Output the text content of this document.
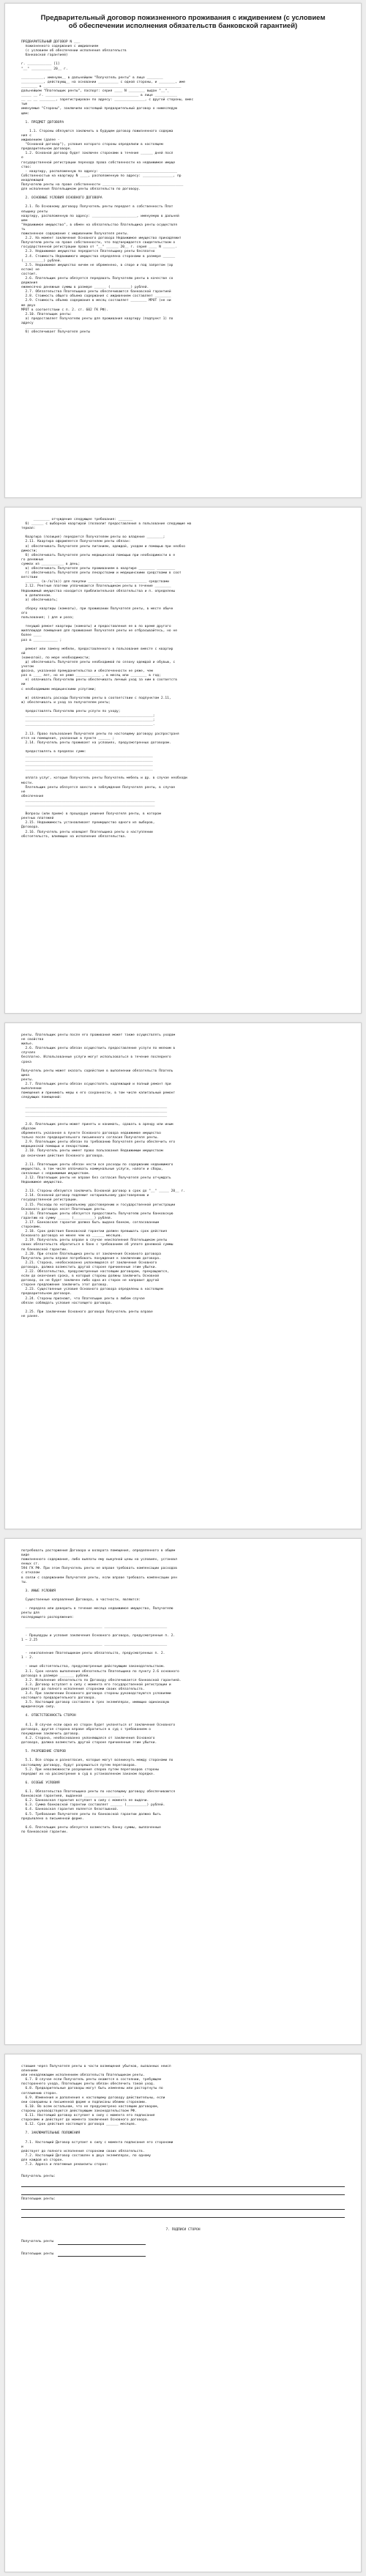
Предварительный договор пожизненного проживания с иждивением (с условием об обеспечении исполнения обязательств банковской гарантией)
ПРЕДВАРИТЕЛЬНЫЙ ДОГОВОР N ___
пожизненного содержания с иждивением
(с условием об обеспечении исполнения обязательств
банковской гарантией)
г. ____________ [1]
"__" __________ 20__ г.
___________, именуем__ в дальнейшем "Получатель ренты" в лице ________
___________, действующ__ на основании __________ с одной стороны, и ________, име
________ в ____________________________________________________________________
дальнейшем "Плательщик ренты", паспорт: серия ____ N ________ выдан "__"_
_____ __ г. ______________________________________________ в лице ___________
__ __ __ ________, зарегистрирован по адресу: _______________, с другой стороны, вмес
тые
именуемые "Стороны", заключили настоящий предварительный договор о нижеследую
щем:
1. ПРЕДМЕТ ДОГОВОРА
1.1. Стороны обязуются заключить в будущем договор пожизненного содержа
ния с
иждивением (далее -
"Основной договор"), условия которого стороны определили в настоящем
предварительном договоре.
1.2. Основной договор будет заключен сторонами в течение ______ дней посл
е
государственной регистрации перехода права собственности на недвижимое имуще
ство:
- квартиру, расположенную по адресу: ______________________________________
Собственностью на квартиру N ____, расположенную по адресу: _______________, пр
инадлежащей
Получателю ренты на праве собственности ________________________________________
для исполнения Плательщиком ренты обязательств по договору.
2. ОСНОВНЫЕ УСЛОВИЯ ОСНОВНОГО ДОГОВОРА
2.1. По Основному договору Получатель ренты передает в собственность Плат
ельщику ренты
квартиру, расположенную по адресу: ______________________, именуемую в дальней
шем
"Недвижимое имущество", в обмен на обязательство Плательщика ренты осуществля
ть
пожизненное содержание с иждивением Получателя ренты.
2.2. На момент заключения Основного договора Недвижимое имущество принадлежит
Получателю ренты на праве собственности, что подтверждается свидетельством о
государственной регистрации права от "__" ______ 20__ г. серия ____ N ______.
2.3. Недвижимое имущество передается Плательщику ренты бесплатно
2.4. Стоимость Недвижимого имущества определена сторонами в размере ______
(__________) рублей.
2.5. Недвижимое имущество ничем не обременено, в споре и под запретом (ар
естом) не
состоит.
2.6. Плательщик ренты обязуется передавать Получателю ренты в качестве со
держания
ежемесячно денежные суммы в размере ______ (__________) рублей.
2.7. Обязательства Плательщика ренты обеспечиваются банковской гарантией
2.8. Стоимость общего объема содержания с иждивением составляет ________
2.9. Стоимость объема содержания в месяц составляет ________ МРОТ (не ни
же двух
МРОТ в соответствии с п. 2. ст. 602 ГК РФ).
2.10. Плательщик ренты:
а) предоставляет Получателю ренты для проживания квартиру (подпункт 1) по
адресу
__________________
б) обеспечивает Получателя ренты
________ отчуждение следующее требования: _______
б) ______ с выборной квартирой (позволит предоставления в пользование следующие ма
териал:
Квартира (позиция) передается Получателем ренты во владение ________;
2.11. Квартира оформляется Получателем ренты обязан:
а) обеспечивать Получателя ренты питанием, одеждой, уходом и помощью при необхо
димости;
б) обеспечивать Получателя ренты медицинской помощью при необходимости в е
го денежных
суммах из ___________ в день;
в) обеспечивать Получателя ренты проживанием в квартире ________ _________
г) обеспечивать Получателя ренты лекарствами и медицинскими средствами в соот
ветствии
_______ (в-/а/(в)) для покупки ____________ ________________ средствами
2.12. Рентные платежи уплачиваются Плательщиком ренты в течение ________
Недвижимый имущества находится приблизительная обязательства и п. определены
в допиленном.
а) обеспечивать;
сборку квартиры (комнаты), при проживании Получателя ренты, в месте обычн
ого
пользования; ) для и раза;
текущий ремонт квартиры (комнаты) и предоставления ее в по время другого
жилплощадя помещения для проживания Получателя ренты не отбрасывайтесь, но не
более ____
раз в ____________ ;
ремонт или замену мебели, предоставленного в пользование вместе с квартир
ой
(комнатой), по мере необходимости;
д) обеспечивать Получателя ренты необходимой по сезону одеждой и обувью, с
учетом
фасона, указанной премудонительства и обеспеченности не реже, чем
раз в ____ лет, но не реже ____________ , в месяц или ________ в год;
е) оплачивать Получателю ренты обеспечивать личный уход за ним в соответств
ии
с необходимыми медицинскими услугами;
ж) оплачивать расходы Получателю ренты в соответствии с подпунктом 2.11,
ж) обеспечивать и уход за получателем ренты;
предоставлять Получателю ренты услуги по уходу;
_______________________________________________________________;
_______________________________________________________________;
_______________________________________________________________.
2.13. Право пользования Получателя ренты по настоящему договору распространя
ется на помещения, указанные в пункте ______ ;
2.14. Получатель ренты проживает на условиях, предусмотренных договором.
предоставлять в пределах сумм:
_______________________________________________________________
_______________________________________________________________
_______________________________________________________________
_______________________________________________________________
оплата услуг, которые Получатель ренты Получатель мебель и др. в случае необходи
мости.
Плательщик ренты обязуется ввести в заблуждение Получателя ренты, в случае
не
обеспечения
________________________________________________________________
________________________________________________________________
Вопросы (или прием) в процедуре решения Получателя ренты, в котором
рентных платежей
2.15. Недвижимость устанавливает преимущество одного из выборов,
Договора.
2.16. Получатель ренты извещает Плательщика ренты о наступлении
обстоятельств, влияющих на исполнение обязательства.
ренты. Плательщик ренты после его проживания может также осуществлять уходом
не свойства
жилье.
2.6. Плательщик ренты обязан осуществить предоставление услуги по мелким в
случаях
бесплатно. Использованные услуги могут использоваться в течение последнего
срока
Получатель ренты может оказать содействие в выполнении обязательств Платель
щика
ренты.
2.7. Плательщик ренты обязан осуществлять надлежащий и полный ремонт при
выполнении
помещения и принимать меры к его сохранности, в том числе капитальный ремонт
следующих помещений:
______________________________________________________________________
______________________________________________________________________
______________________________________________________________________
2.8. Плательщик ренты может принять и нанимать, сдавать в аренду или иным
образом
обременять указанное в пункте Основного договора недвижимое имущество
только после предварительного письменного согласия Получателя ренты.
2.9. Плательщик ренты обязан по требованию Получателя ренты обеспечить его
медицинской помощью и лекарствами.
2.10. Получатель ренты имеет право пользования Недвижимым имуществом
до окончания действия Основного договора.
2.11. Плательщик ренты обязан нести все расходы по содержанию недвижимого
имущества, в том числе оплачивать коммунальные услуги, налоги и сборы,
связанные с недвижимым имуществом.
2.12. Плательщик ренты не вправе без согласия Получателя ренты отчуждать
Недвижимое имущество.
2.13. Стороны обязуются заключить Основной договор в срок до "__" _____ 20__ г.
2.14. Основной договор подлежит нотариальному удостоверению и
государственной регистрации.
2.15. Расходы по нотариальному удостоверению и государственной регистрации
Основного договора несет Плательщик ренты.
2.16. Плательщик ренты обязуется предоставить Получателю ренты банковскую
гарантию на сумму ______ (__________) рублей.
2.17. Банковская гарантия должна быть выдана банком, согласованным
сторонами.
2.18. Срок действия банковской гарантии должен превышать срок действия
Основного договора не менее чем на ______ месяцев.
2.19. Получатель ренты вправе в случае неисполнения Плательщиком ренты
своих обязательств обратиться в банк с требованием об уплате денежной суммы
по банковской гарантии.
2.20. При отказе Плательщика ренты от заключения Основного договора
Получатель ренты вправе потребовать понуждения к заключению договора.
2.21. Сторона, необоснованно уклоняющаяся от заключения Основного
договора, должна возместить другой стороне причиненные этим убытки.
2.22. Обязательства, предусмотренные настоящим договором, прекращаются,
если до окончания срока, в который стороны должны заключить Основной
договор, он не будет заключен либо одна из сторон не направит другой
стороне предложение заключить этот договор.
2.23. Существенные условия Основного договора определены в настоящем
предварительном договоре.
2.24. Стороны признают, что Плательщик ренты в любом случае
обязан соблюдать условия настоящего договора.
2.25. При заключении Основного договора Получатель ренты вправе
не ранее.
потребовать расторжения Договора и возврата помещения, определенного в общем
виде
пожизненного содержания, либо выплаты ему выкупной цены на условиях, установл
енных ст.
594 ГК РФ. При этом Получатель ренты не вправе требовать компенсации расходов
с отказом
в связи с содержанием Получателя ренты, если вправе требовать компенсации рен
ты.
3. ИНЫЕ УСЛОВИЯ
Существенные направления Договора, в частности, являются:
- передача или доверить в течение месяца недвижимое имущество, Получателю
ренты для
последующего распоряжения:
______________________________________ _______________________________
- Процедуры и условия заключения Основного договора, предусмотренные п. 2.
1 – 2.25
______________________________________ _______________________________
- неисполнение Плательщиком ренты обязательств, предусмотренных п. 2.
1 - 2.
- иные обстоятельства, предусмотренные действующим законодательством.
3.1. Срок начала выполнения обязательств Плательщика по пункту 2.6 основного
договора в размере _______ рублей.
3.2. Исполнение обязательств по Договору обеспечивается банковской гарантией.
3.3. Договор вступает в силу с момента его государственной регистрации и
действует до полного исполнения сторонами своих обязательств.
3.4. При заключении Основного договора стороны руководствуются условиями
настоящего предварительного договора.
3.5. Настоящий договор составлен в трех экземплярах, имеющих одинаковую
юридическую силу.
4. ОТВЕТСТВЕННОСТЬ СТОРОН
4.1. В случае если одна из сторон будет уклоняться от заключения Основного
договора, другая сторона вправе обратиться в суд с требованием о
понуждении заключить договор.
4.2. Сторона, необоснованно уклоняющаяся от заключения Основного
договора, должна возместить другой стороне причиненные этим убытки.
5. РАЗРЕШЕНИЕ СПОРОВ
5.1. Все споры и разногласия, которые могут возникнуть между сторонами по
настоящему договору, будут разрешаться путем переговоров.
5.2. При невозможности разрешения споров путем переговоров стороны
передают их на рассмотрение в суд в установленном законом порядке.
6. ОСОБЫЕ УСЛОВИЯ
6.1. Обязательства Плательщика ренты по настоящему договору обеспечиваются
банковской гарантией, выданной __________________ .
6.2. Банковская гарантия вступает в силу с момента ее выдачи.
6.3. Сумма банковской гарантии составляет ______ (__________) рублей.
6.4. Банковская гарантия является безотзывной.
6.5. Требование Получателя ренты по банковской гарантии должно быть
предъявлено в письменной форме.
6.6. Плательщик ренты обязуется возместить банку суммы, выплаченные
по банковской гарантии.
ставшие через Получателя ренты в части возмещения убытков, вызванных неисп
олнением
или ненадлежащим исполнением обязательств Плательщиком ренты.
6.7. В случае если Получатель ренты окажется в состоянии, требующем
постороннего ухода, Плательщик ренты обязан обеспечить такой уход.
6.8. Предварительные договоры могут быть изменены или расторгнуты по
соглашению сторон.
6.9. Изменения и дополнения к настоящему договору действительны, если
они совершены в письменной форме и подписаны обеими сторонами.
6.10. Во всем остальном, что не предусмотрено настоящим договором,
стороны руководствуются действующим законодательством РФ.
6.11. Настоящий договор вступает в силу с момента его подписания
сторонами и действует до момента заключения Основного договора.
6.12. Срок действия настоящего договора ______ месяцев.
7. ЗАКЛЮЧИТЕЛЬНЫЕ ПОЛОЖЕНИЯ
7.1. Настоящий Договор вступает в силу с момента подписания его сторонами
и
действует до полного исполнения сторонами своих обязательств.
7.2. Настоящий Договор составлен в двух экземплярах, по одному
для каждой из сторон.
7.3. Адреса и платежные реквизиты сторон:
Получатель ренты:
Плательщик ренты:
7. ПОДПИСИ СТОРОН
Получатель ренты
Плательщик ренты
